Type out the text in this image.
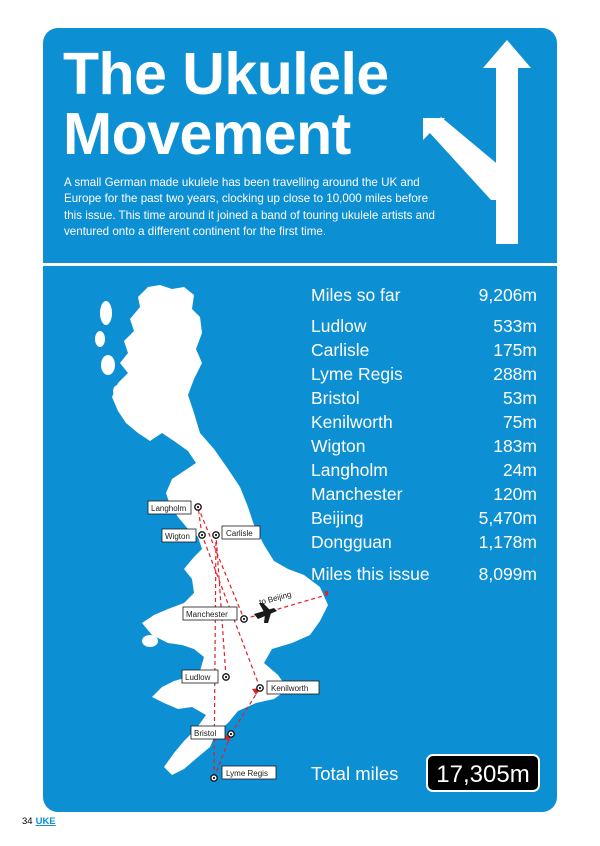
The Ukulele
Movement

A small German made ukulele has been travelling around the UK and Europe for the past two years, clocking up close to 10,000 miles before this issue. This time around it joined a band of touring ukulele artists and ventured onto a different continent for the first time.

to Beijing
Langholm
Wigton	Carlisle
Manchester
Ludlow
Kenilworth
Bristol
Lyme Regis
Miles so far	9,206m
Ludlow	533m
Carlisle	175m
Lyme Regis	288m
Bristol	53m
Kenilworth	75m
Wigton	183m
Langholm	24m
Manchester	120m
Beijing	5,470m
Dongguan	1,178m
Miles this issue	8,099m
Total miles	17,305m
34 UKE
